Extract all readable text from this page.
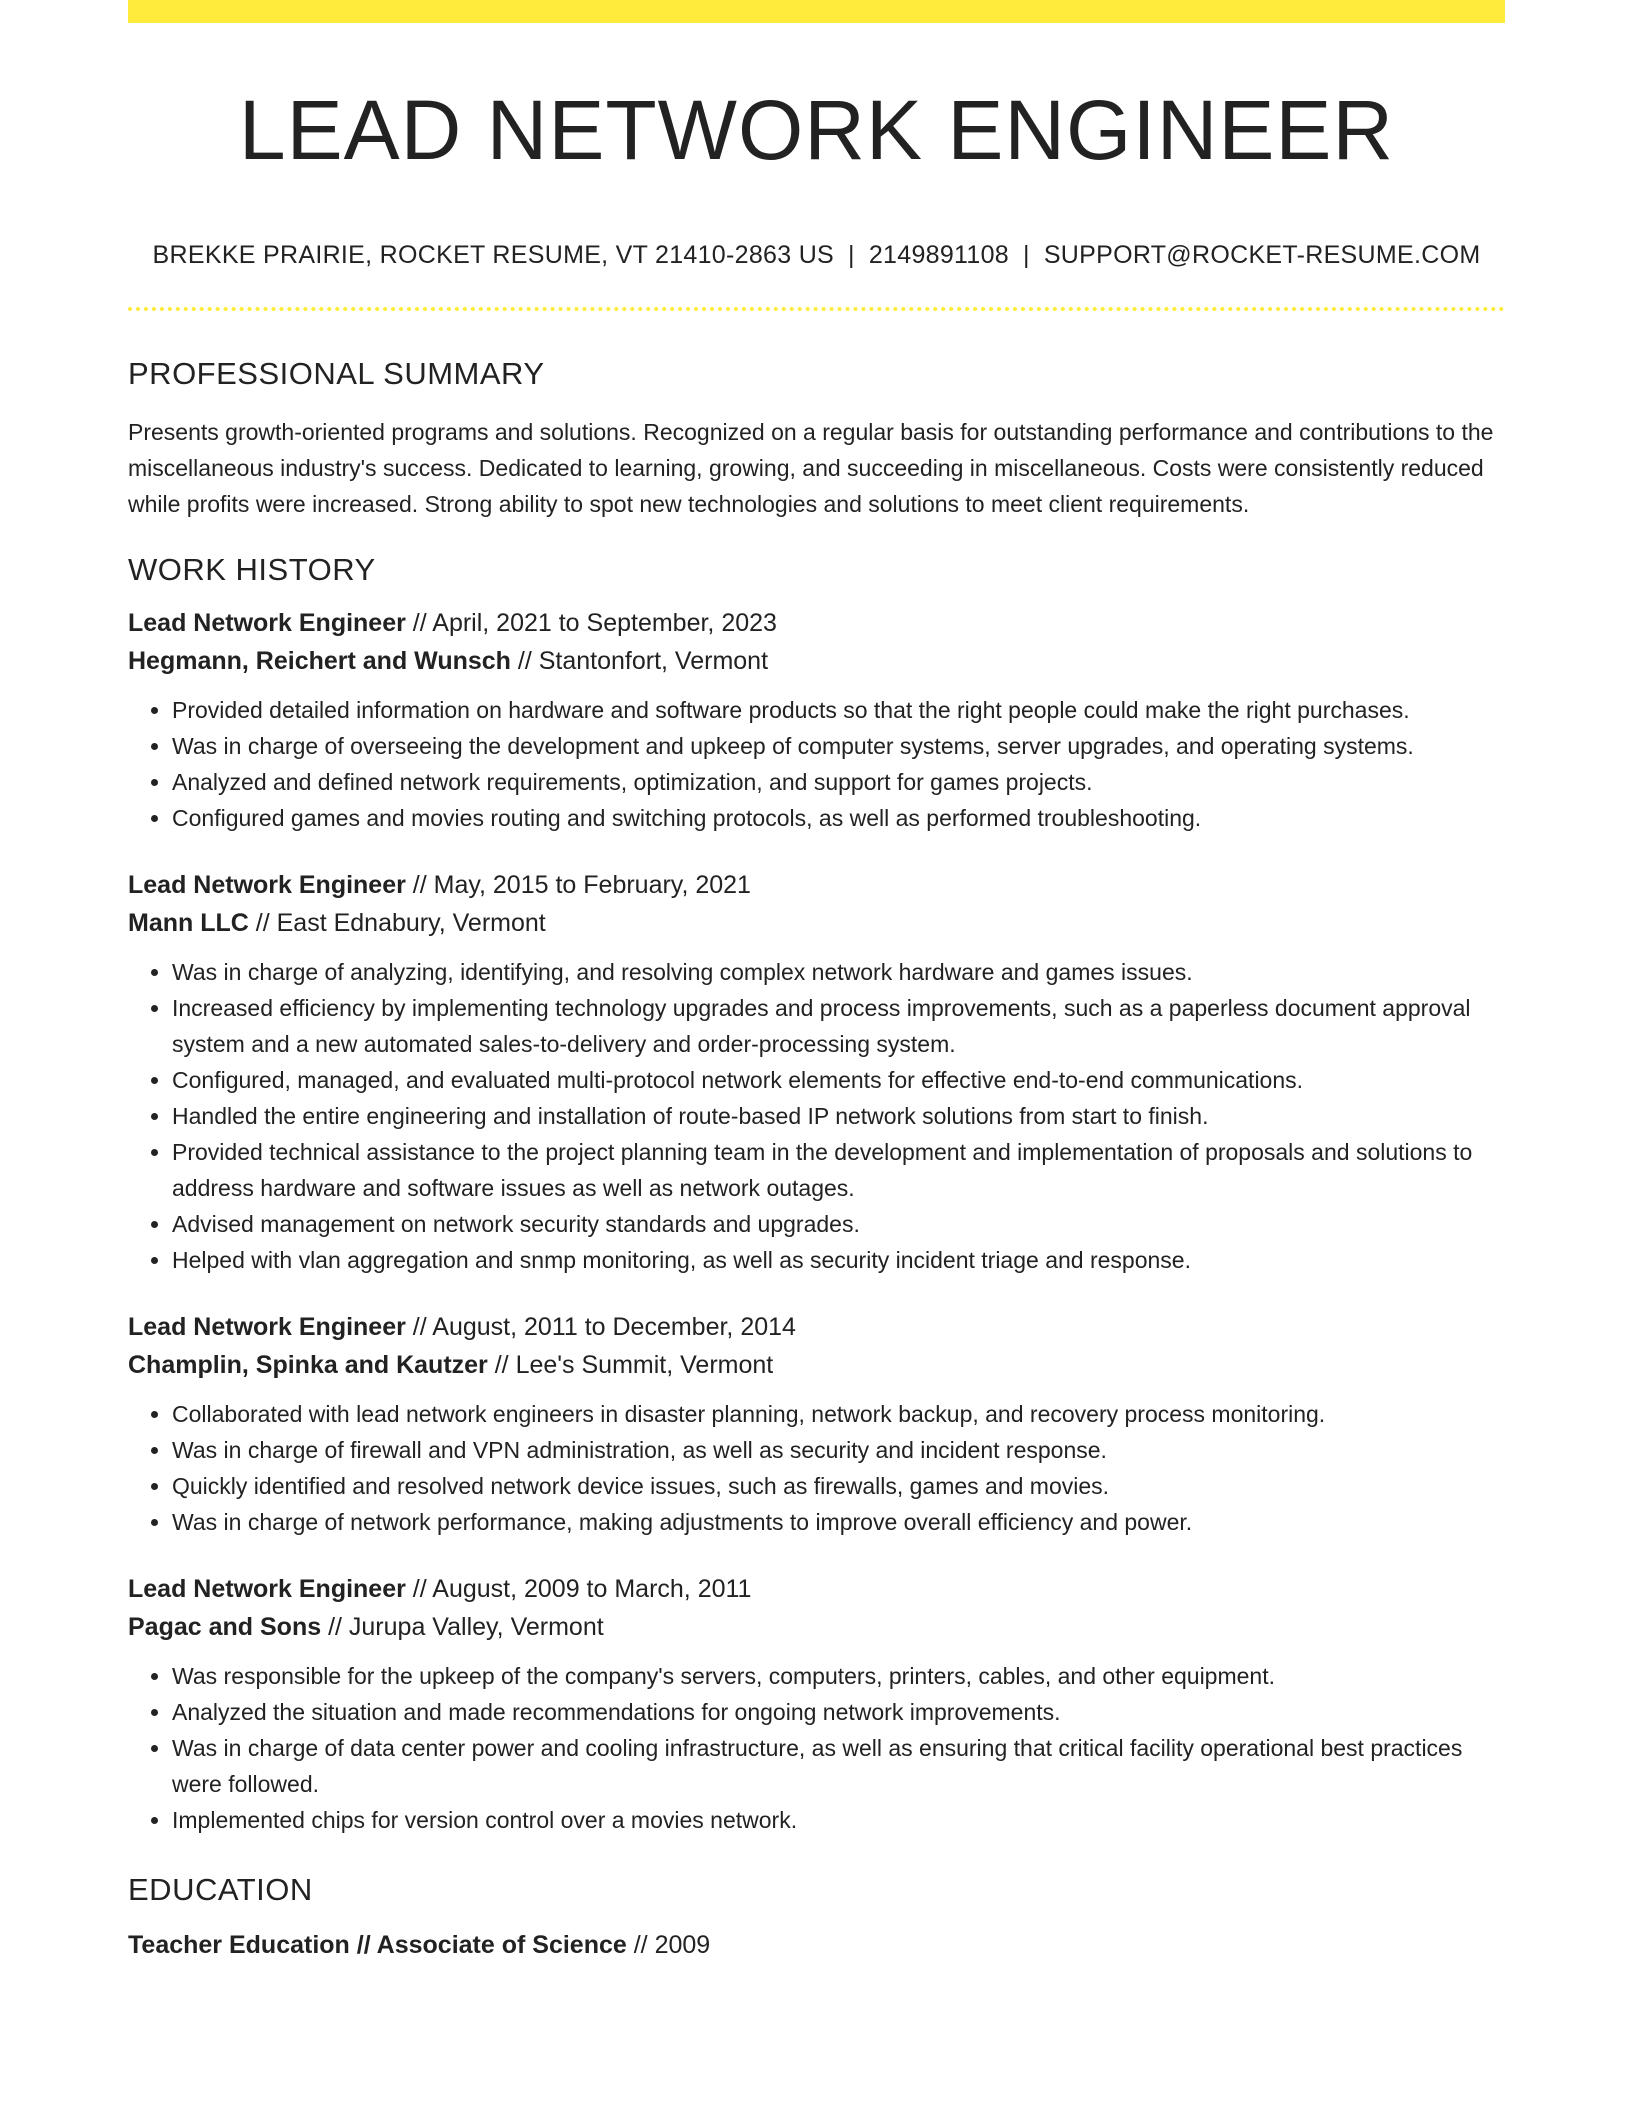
LEAD NETWORK ENGINEER
BREKKE PRAIRIE, ROCKET RESUME, VT 21410-2863 US | 2149891108 | SUPPORT@ROCKET-RESUME.COM
PROFESSIONAL SUMMARY

Presents growth-oriented programs and solutions. Recognized on a regular basis for outstanding performance and contributions to the miscellaneous industry's success. Dedicated to learning, growing, and succeeding in miscellaneous. Costs were consistently reduced while profits were increased. Strong ability to spot new technologies and solutions to meet client requirements.

WORK HISTORY
Lead Network Engineer // April, 2021 to September, 2023
Hegmann, Reichert and Wunsch // Stantonfort, Vermont
• Provided detailed information on hardware and software products so that the right people could make the right purchases.
• Was in charge of overseeing the development and upkeep of computer systems, server upgrades, and operating systems.
• Analyzed and defined network requirements, optimization, and support for games projects.
• Configured games and movies routing and switching protocols, as well as performed troubleshooting.
Lead Network Engineer // May, 2015 to February, 2021
Mann LLC // East Ednabury, Vermont
• Was in charge of analyzing, identifying, and resolving complex network hardware and games issues.
• Increased efficiency by implementing technology upgrades and process improvements, such as a paperless document approval system and a new automated sales-to-delivery and order-processing system.
• Configured, managed, and evaluated multi-protocol network elements for effective end-to-end communications.
• Handled the entire engineering and installation of route-based IP network solutions from start to finish.
• Provided technical assistance to the project planning team in the development and implementation of proposals and solutions to address hardware and software issues as well as network outages.
• Advised management on network security standards and upgrades.
• Helped with vlan aggregation and snmp monitoring, as well as security incident triage and response.
Lead Network Engineer // August, 2011 to December, 2014
Champlin, Spinka and Kautzer // Lee's Summit, Vermont
• Collaborated with lead network engineers in disaster planning, network backup, and recovery process monitoring.
• Was in charge of firewall and VPN administration, as well as security and incident response.
• Quickly identified and resolved network device issues, such as firewalls, games and movies.
• Was in charge of network performance, making adjustments to improve overall efficiency and power.
Lead Network Engineer // August, 2009 to March, 2011
Pagac and Sons // Jurupa Valley, Vermont
• Was responsible for the upkeep of the company's servers, computers, printers, cables, and other equipment.
• Analyzed the situation and made recommendations for ongoing network improvements.
• Was in charge of data center power and cooling infrastructure, as well as ensuring that critical facility operational best practices were followed.
• Implemented chips for version control over a movies network.
EDUCATION
Teacher Education // Associate of Science // 2009
